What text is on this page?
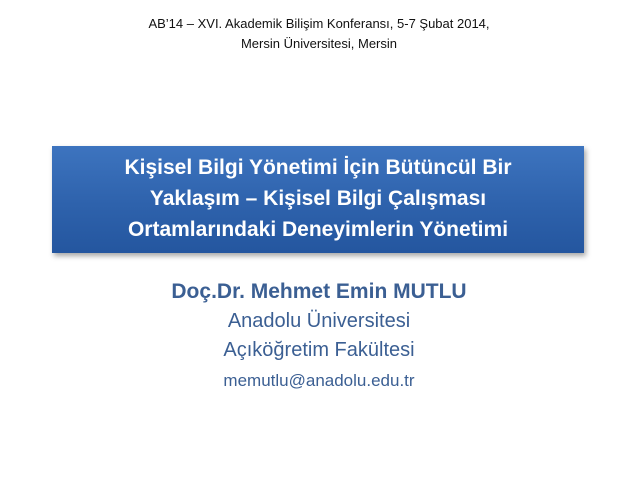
AB’14 – XVI. Akademik Bilişim Konferansı, 5-7 Şubat 2014,
Mersin Üniversitesi, Mersin
Kişisel Bilgi Yönetimi İçin Bütüncül Bir
Yaklaşım – Kişisel Bilgi Çalışması
Ortamlarındaki Deneyimlerin Yönetimi
Doç.Dr. Mehmet Emin MUTLU
Anadolu Üniversitesi
Açıköğretim Fakültesi
memutlu@anadolu.edu.tr
